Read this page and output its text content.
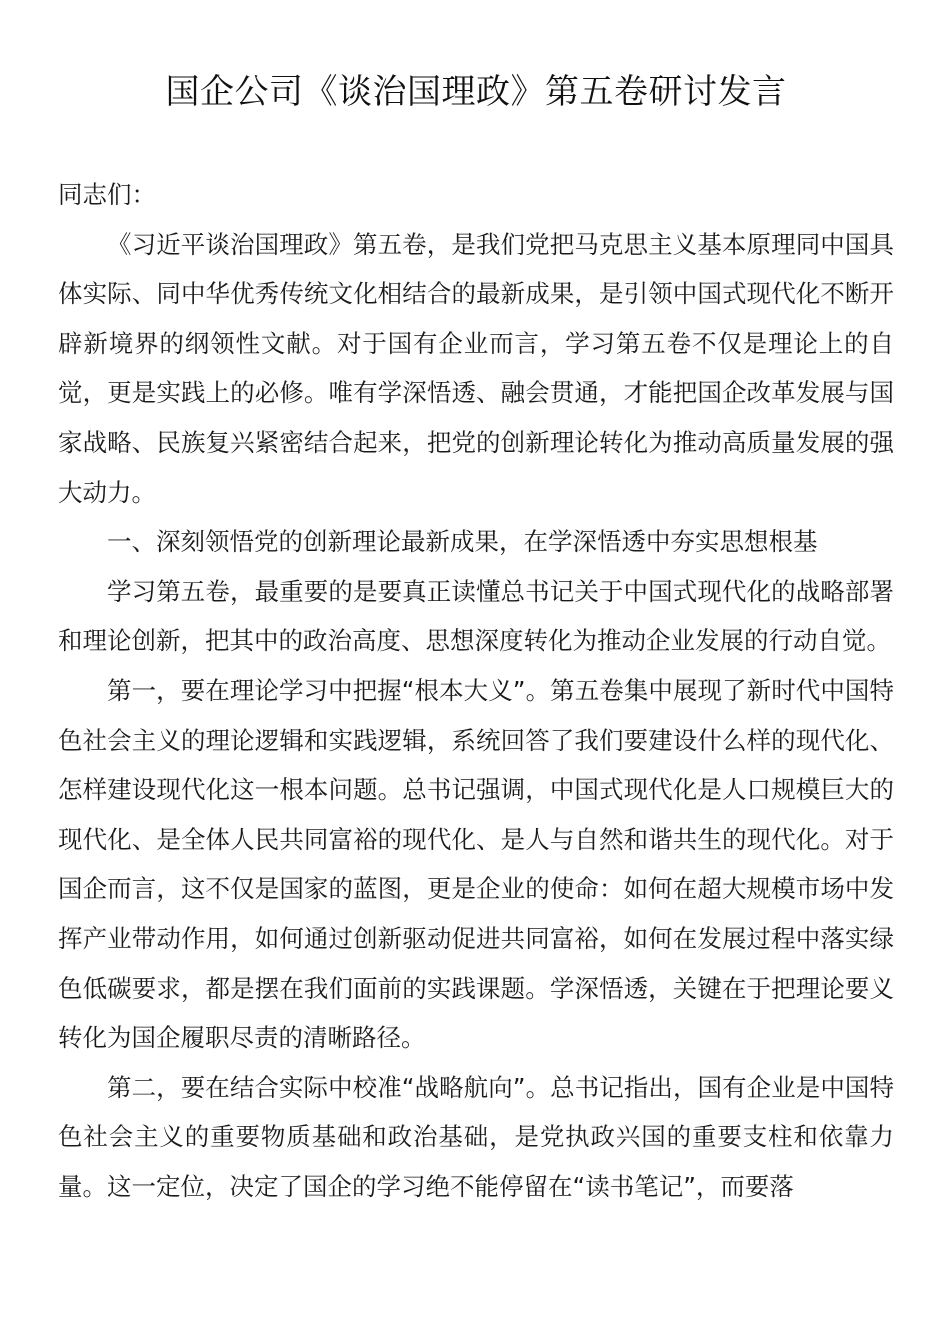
国企公司《谈治国理政》第五卷研讨发言

同志们：

《习近平谈治国理政》第五卷，是我们党把马克思主义基本原理同中国具体实际、同中华优秀传统文化相结合的最新成果，是引领中国式现代化不断开辟新境界的纲领性文献。对于国有企业而言，学习第五卷不仅是理论上的自觉，更是实践上的必修。唯有学深悟透、融会贯通，才能把国企改革发展与国家战略、民族复兴紧密结合起来，把党的创新理论转化为推动高质量发展的强大动力。

一、深刻领悟党的创新理论最新成果，在学深悟透中夯实思想根基

学习第五卷，最重要的是要真正读懂总书记关于中国式现代化的战略部署和理论创新，把其中的政治高度、思想深度转化为推动企业发展的行动自觉。

第一，要在理论学习中把握“根本大义”。第五卷集中展现了新时代中国特色社会主义的理论逻辑和实践逻辑，系统回答了我们要建设什么样的现代化、怎样建设现代化这一根本问题。总书记强调，中国式现代化是人口规模巨大的现代化、是全体人民共同富裕的现代化、是人与自然和谐共生的现代化。对于国企而言，这不仅是国家的蓝图，更是企业的使命：如何在超大规模市场中发挥产业带动作用，如何通过创新驱动促进共同富裕，如何在发展过程中落实绿色低碳要求，都是摆在我们面前的实践课题。学深悟透，关键在于把理论要义转化为国企履职尽责的清晰路径。

第二，要在结合实际中校准“战略航向”。总书记指出，国有企业是中国特色社会主义的重要物质基础和政治基础，是党执政兴国的重要支柱和依靠力量。这一定位，决定了国企的学习绝不能停留在“读书笔记”，而要落
